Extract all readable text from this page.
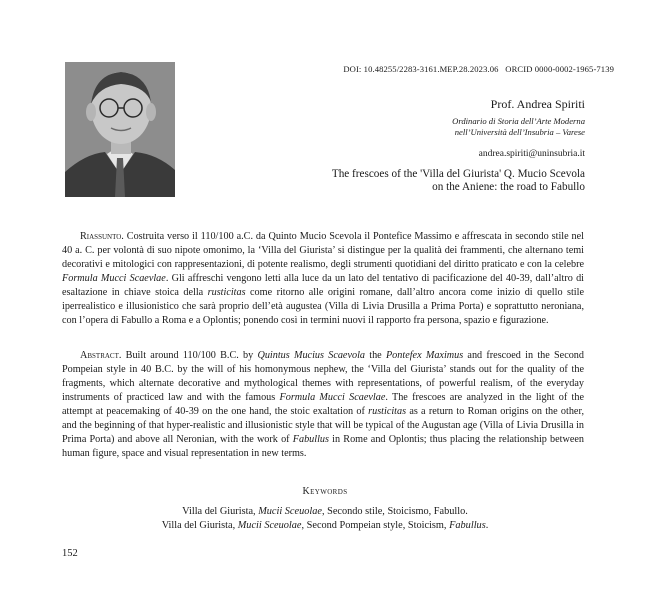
DOI: 10.48255/2283-3161.MEP.28.2023.06 ORCID 0000-0002-1965-7139
Prof. Andrea Spiriti
Ordinario di Storia dell’Arte Moderna
nell’Università dell’Insubria – Varese
andrea.spiriti@uninsubria.it
The frescoes of the 'Villa del Giurista' Q. Mucio Scevola
on the Aniene: the road to Fabullo

Riassunto. Costruita verso il 110/100 a.C. da Quinto Mucio Scevola il Pontefice Massimo e affrescata in secondo stile nel 40 a. C. per volontà di suo nipote omonimo, la ‘Villa del Giurista’ si distingue per la qualità dei frammenti, che alternano temi decorativi e mitologici con rappresentazioni, di potente realismo, degli strumenti quotidiani del diritto praticato e con la celebre Formula Mucci Scaevlae. Gli affreschi vengono letti alla luce da un lato del tentativo di pacificazione del 40-39, dall’altro di esaltazione in chiave stoica della rusticitas come ritorno alle origini romane, dall’altro ancora come inizio di quello stile iperrealistico e illusionistico che sarà proprio dell’età augustea (Villa di Livia Drusilla a Prima Porta) e soprattutto neroniana, con l’opera di Fabullo a Roma e a Oplontis; ponendo così in termini nuovi il rapporto fra persona, spazio e figurazione.

Abstract. Built around 110/100 B.C. by Quintus Mucius Scaevola the Pontefex Maximus and frescoed in the Second Pompeian style in 40 B.C. by the will of his homonymous nephew, the ‘Villa del Giurista’ stands out for the quality of the fragments, which alternate decorative and mythological themes with representations, of powerful realism, of the everyday instruments of practiced law and with the famous Formula Mucci Scaevlae. The frescoes are analyzed in the light of the attempt at peacemaking of 40-39 on the one hand, the stoic exaltation of rusticitas as a return to Roman origins on the other, and the beginning of that hyper-realistic and illusionistic style that will be typical of the Augustan age (Villa of Livia Drusilla in Prima Porta) and above all Neronian, with the work of Fabullus in Rome and Oplontis; thus placing the relationship between human figure, space and visual representation in new terms.

Keywords
Villa del Giurista, Mucii Sceuolae, Secondo stile, Stoicismo, Fabullo.
Villa del Giurista, Mucii Sceuolae, Second Pompeian style, Stoicism, Fabullus.
152
